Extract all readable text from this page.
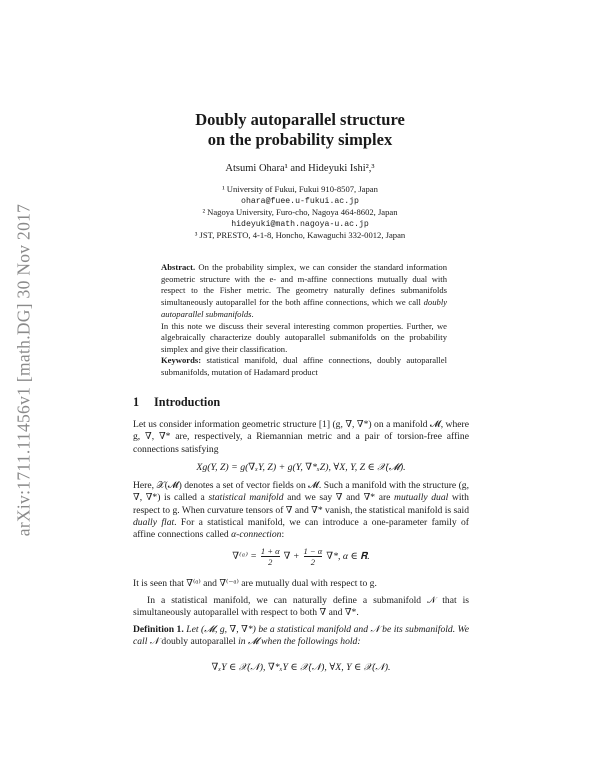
arXiv:1711.11456v1 [math.DG] 30 Nov 2017
Doubly autoparallel structure
on the probability simplex
Atsumi Ohara¹ and Hideyuki Ishi²,³
¹ University of Fukui, Fukui 910-8507, Japan
ohara@fuee.u-fukui.ac.jp
² Nagoya University, Furo-cho, Nagoya 464-8602, Japan
hideyuki@math.nagoya-u.ac.jp
³ JST, PRESTO, 4-1-8, Honcho, Kawaguchi 332-0012, Japan

Abstract. On the probability simplex, we can consider the standard information geometric structure with the e- and m-affine connections mutually dual with respect to the Fisher metric. The geometry naturally defines submanifolds simultaneously autoparallel for the both affine connections, which we call doubly autoparallel submanifolds.

In this note we discuss their several interesting common properties. Further, we algebraically characterize doubly autoparallel submanifolds on the probability simplex and give their classification.

Keywords: statistical manifold, dual affine connections, doubly autoparallel submanifolds, mutation of Hadamard product
1 Introduction
Let us consider information geometric structure [1] (g, ∇, ∇*) on a manifold 𝓜, where g, ∇, ∇* are, respectively, a Riemannian metric and a pair of torsion-free affine connections satisfying
Xg(Y, Z) = g(∇ₓY, Z) + g(Y, ∇*ₓZ), ∀X, Y, Z ∈ 𝒳(𝓜).

Here, 𝒳(𝓜) denotes a set of vector fields on 𝓜. Such a manifold with the structure (g, ∇, ∇*) is called a statistical manifold and we say ∇ and ∇* are mutually dual with respect to g. When curvature tensors of ∇ and ∇* vanish, the statistical manifold is said dually flat. For a statistical manifold, we can introduce a one-parameter family of affine connections called α-connection:

∇⁽ᵅ⁾ = $\frac{1 + \alpha}{2}$ ∇ + $\frac{1 - \alpha}{2}$ ∇*, α ∈ 𝐑.
It is seen that ∇⁽ᵅ⁾ and ∇⁽⁻ᵅ⁾ are mutually dual with respect to g.
In a statistical manifold, we can naturally define a submanifold 𝒩 that is simultaneously autoparallel with respect to both ∇ and ∇*.

Definition 1. Let (𝓜, g, ∇, ∇*) be a statistical manifold and 𝒩 be its submanifold. We call 𝒩 doubly autoparallel in 𝓜 when the followings hold:

∇ₓY ∈ 𝒳(𝒩), ∇*ₓY ∈ 𝒳(𝒩), ∀X, Y ∈ 𝒳(𝒩).
